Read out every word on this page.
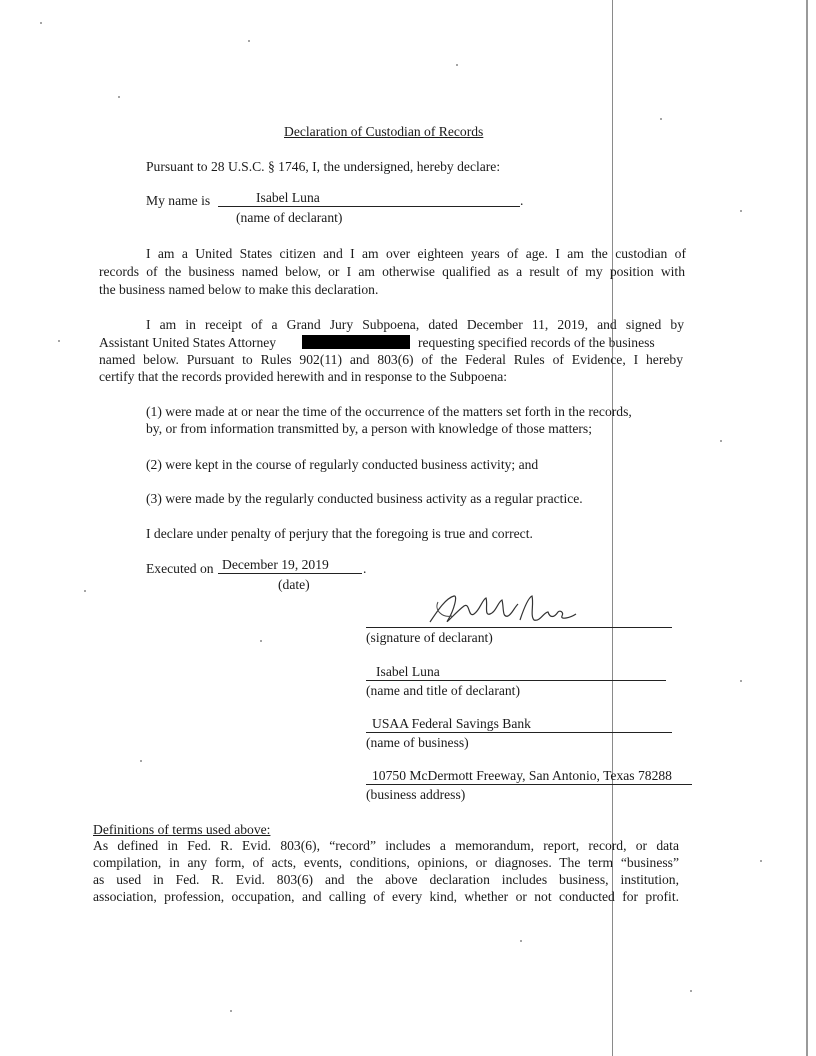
Declaration of Custodian of Records
Pursuant to 28 U.S.C. § 1746, I, the undersigned, hereby declare:
My name is	Isabel Luna	.
(name of declarant)
I am a United States citizen and I am over eighteen years of age. I am the custodian of
records of the business named below, or I am otherwise qualified as a result of my position with
the business named below to make this declaration.
I am in receipt of a Grand Jury Subpoena, dated December 11, 2019, and signed by
Assistant United States Attorney	requesting specified records of the business
named below. Pursuant to Rules 902(11) and 803(6) of the Federal Rules of Evidence, I hereby
certify that the records provided herewith and in response to the Subpoena:
(1) were made at or near the time of the occurrence of the matters set forth in the records,
by, or from information transmitted by, a person with knowledge of those matters;
(2) were kept in the course of regularly conducted business activity; and
(3) were made by the regularly conducted business activity as a regular practice.
I declare under penalty of perjury that the foregoing is true and correct.
Executed on December 19, 2019	.
(date)
(signature of declarant)
Isabel Luna
(name and title of declarant)
USAA Federal Savings Bank
(name of business)
10750 McDermott Freeway, San Antonio, Texas 78288
(business address)
Definitions of terms used above:
As defined in Fed. R. Evid. 803(6), “record” includes a memorandum, report, record, or data
compilation, in any form, of acts, events, conditions, opinions, or diagnoses. The term “business”
as used in Fed. R. Evid. 803(6) and the above declaration includes business, institution,
association, profession, occupation, and calling of every kind, whether or not conducted for profit.
